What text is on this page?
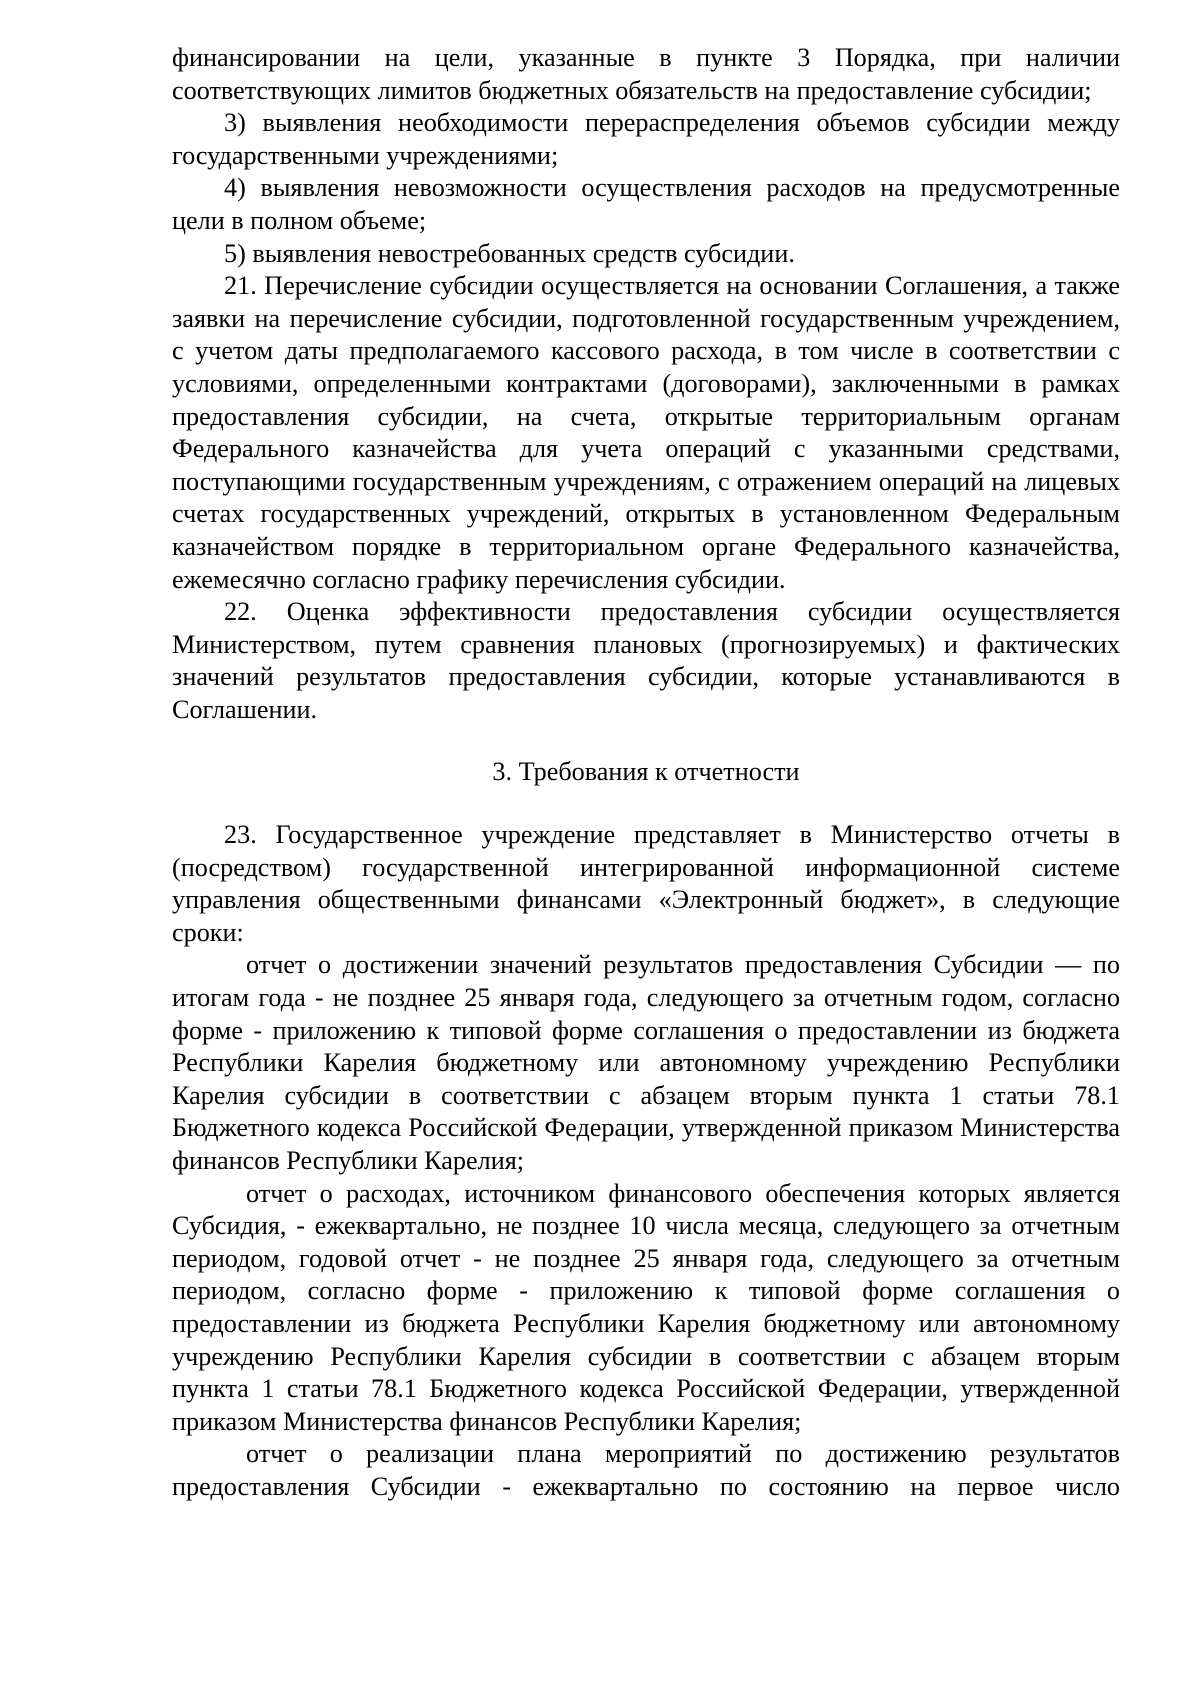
финансировании на цели, указанные в пункте 3 Порядка, при наличии соответствующих лимитов бюджетных обязательств на предоставление субсидии;

3) выявления необходимости перераспределения объемов субсидии между государственными учреждениями;

4) выявления невозможности осуществления расходов на предусмотренные цели в полном объеме;

5) выявления невостребованных средств субсидии.

21. Перечисление субсидии осуществляется на основании Соглашения, а также заявки на перечисление субсидии, подготовленной государственным учреждением, с учетом даты предполагаемого кассового расхода, в том числе в соответствии с условиями, определенными контрактами (договорами), заключенными в рамках предоставления субсидии, на счета, открытые территориальным органам Федерального казначейства для учета операций с указанными средствами, поступающими государственным учреждениям, с отражением операций на лицевых счетах государственных учреждений, открытых в установленном Федеральным казначейством порядке в территориальном органе Федерального казначейства, ежемесячно согласно графику перечисления субсидии.

22. Оценка эффективности предоставления субсидии осуществляется Министерством, путем сравнения плановых (прогнозируемых) и фактических значений результатов предоставления субсидии, которые устанавливаются в Соглашении.

3. Требования к отчетности

23. Государственное учреждение представляет в Министерство отчеты в (посредством) государственной интегрированной информационной системе управления общественными финансами «Электронный бюджет», в следующие сроки:

отчет о достижении значений результатов предоставления Субсидии — по итогам года - не позднее 25 января года, следующего за отчетным годом, согласно форме - приложению к типовой форме соглашения о предоставлении из бюджета Республики Карелия бюджетному или автономному учреждению Республики Карелия субсидии в соответствии с абзацем вторым пункта 1 статьи 78.1 Бюджетного кодекса Российской Федерации, утвержденной приказом Министерства финансов Республики Карелия;

отчет о расходах, источником финансового обеспечения которых является Субсидия, - ежеквартально, не позднее 10 числа месяца, следующего за отчетным периодом, годовой отчет - не позднее 25 января года, следующего за отчетным периодом, согласно форме - приложению к типовой форме соглашения о предоставлении из бюджета Республики Карелия бюджетному или автономному учреждению Республики Карелия субсидии в соответствии с абзацем вторым пункта 1 статьи 78.1 Бюджетного кодекса Российской Федерации, утвержденной приказом Министерства финансов Республики Карелия;

отчет о реализации плана мероприятий по достижению результатов предоставления Субсидии - ежеквартально по состоянию на первое число
